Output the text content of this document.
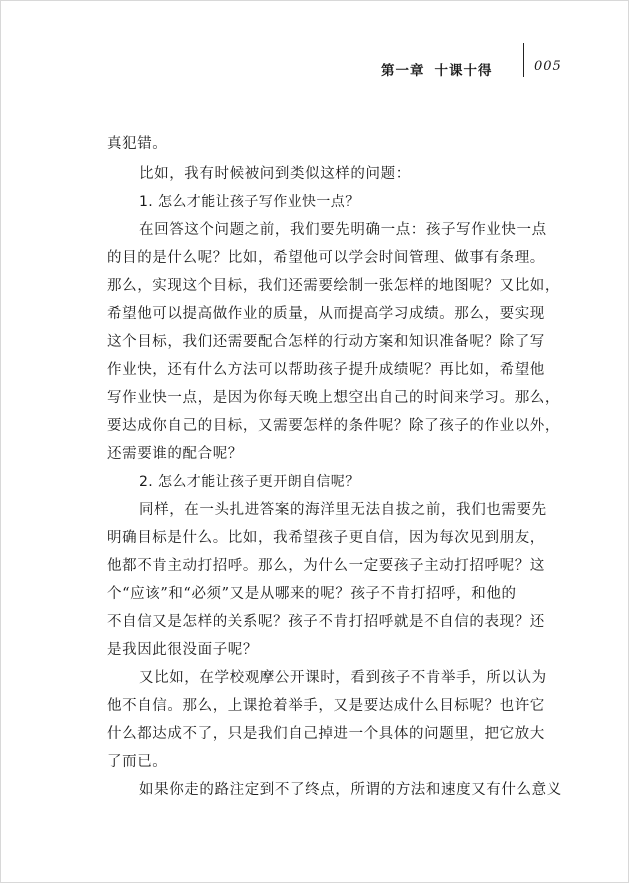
第一章 十课十得	005
真犯错。
比如，我有时候被问到类似这样的问题：
1. 怎么才能让孩子写作业快一点？
在回答这个问题之前，我们要先明确一点：孩子写作业快一点
的目的是什么呢？比如，希望他可以学会时间管理、做事有条理。
那么，实现这个目标，我们还需要绘制一张怎样的地图呢？又比如，
希望他可以提高做作业的质量，从而提高学习成绩。那么，要实现
这个目标，我们还需要配合怎样的行动方案和知识准备呢？除了写
作业快，还有什么方法可以帮助孩子提升成绩呢？再比如，希望他
写作业快一点，是因为你每天晚上想空出自己的时间来学习。那么，
要达成你自己的目标，又需要怎样的条件呢？除了孩子的作业以外，
还需要谁的配合呢？
2. 怎么才能让孩子更开朗自信呢？
同样，在一头扎进答案的海洋里无法自拔之前，我们也需要先
明确目标是什么。比如，我希望孩子更自信，因为每次见到朋友，
他都不肯主动打招呼。那么，为什么一定要孩子主动打招呼呢？这
个“应该”和“必须”又是从哪来的呢？孩子不肯打招呼，和他的
不自信又是怎样的关系呢？孩子不肯打招呼就是不自信的表现？还
是我因此很没面子呢？
又比如，在学校观摩公开课时，看到孩子不肯举手，所以认为
他不自信。那么，上课抢着举手，又是要达成什么目标呢？也许它
什么都达成不了，只是我们自己掉进一个具体的问题里，把它放大
了而已。
如果你走的路注定到不了终点，所谓的方法和速度又有什么意义
